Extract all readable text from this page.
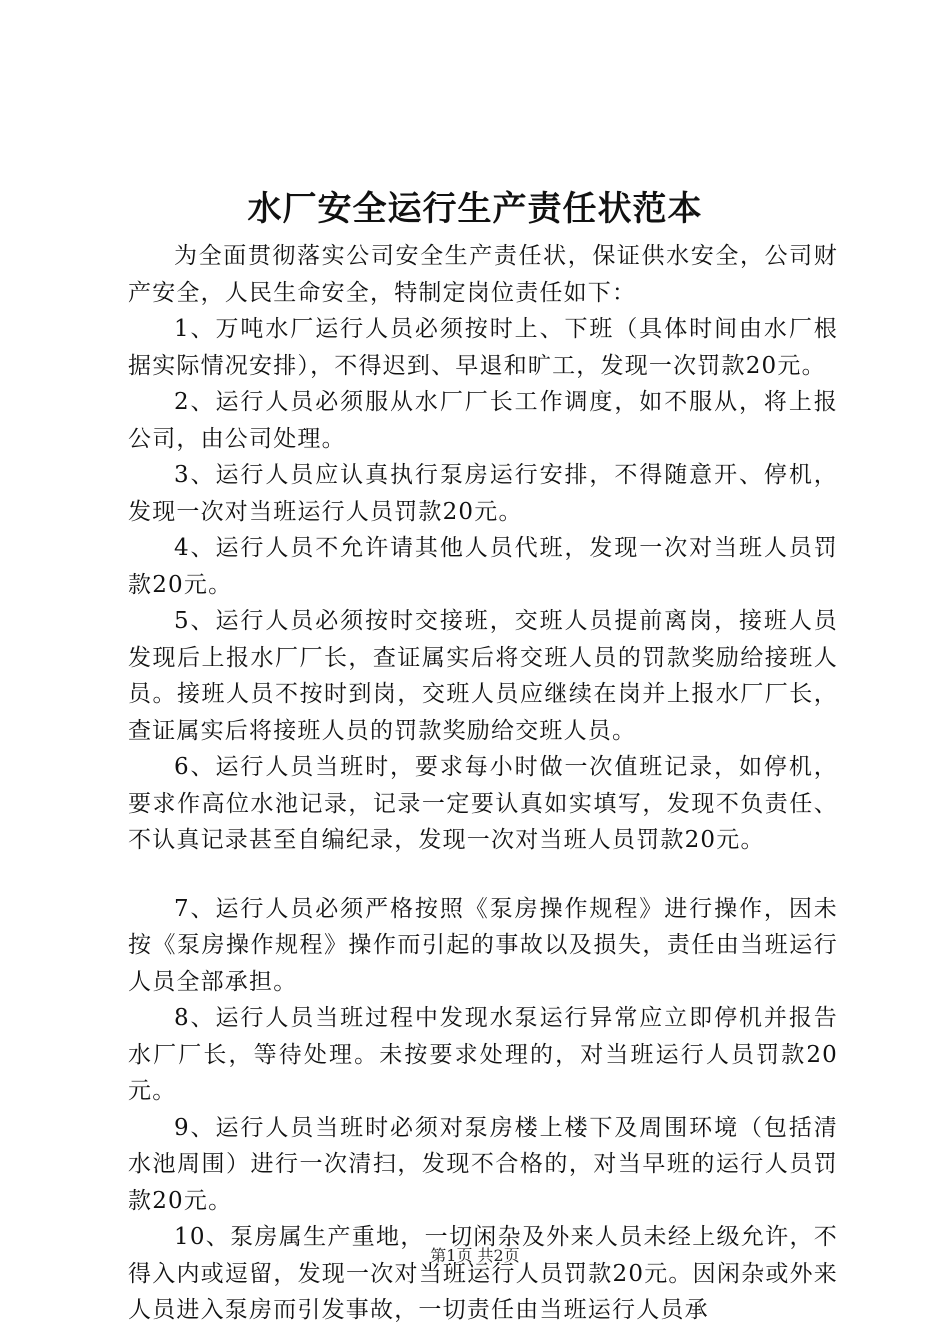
水厂安全运行生产责任状范本

为全面贯彻落实公司安全生产责任状，保证供水安全，公司财产安全，人民生命安全，特制定岗位责任如下：

1、万吨水厂运行人员必须按时上、下班（具体时间由水厂根据实际情况安排），不得迟到、早退和旷工，发现一次罚款20元。

2、运行人员必须服从水厂厂长工作调度，如不服从，将上报公司，由公司处理。

3、运行人员应认真执行泵房运行安排，不得随意开、停机，发现一次对当班运行人员罚款20元。

4、运行人员不允许请其他人员代班，发现一次对当班人员罚款20元。

5、运行人员必须按时交接班，交班人员提前离岗，接班人员发现后上报水厂厂长，查证属实后将交班人员的罚款奖励给接班人员。接班人员不按时到岗，交班人员应继续在岗并上报水厂厂长，查证属实后将接班人员的罚款奖励给交班人员。

6、运行人员当班时，要求每小时做一次值班记录，如停机，要求作高位水池记录，记录一定要认真如实填写，发现不负责任、不认真记录甚至自编纪录，发现一次对当班人员罚款20元。

7、运行人员必须严格按照《泵房操作规程》进行操作，因未按《泵房操作规程》操作而引起的事故以及损失，责任由当班运行人员全部承担。

8、运行人员当班过程中发现水泵运行异常应立即停机并报告水厂厂长，等待处理。未按要求处理的，对当班运行人员罚款20元。

9、运行人员当班时必须对泵房楼上楼下及周围环境（包括清水池周围）进行一次清扫，发现不合格的，对当早班的运行人员罚款20元。

10、泵房属生产重地，一切闲杂及外来人员未经上级允许，不得入内或逗留，发现一次对当班运行人员罚款20元。因闲杂或外来人员进入泵房而引发事故，一切责任由当班运行人员承

第1页 共2页
